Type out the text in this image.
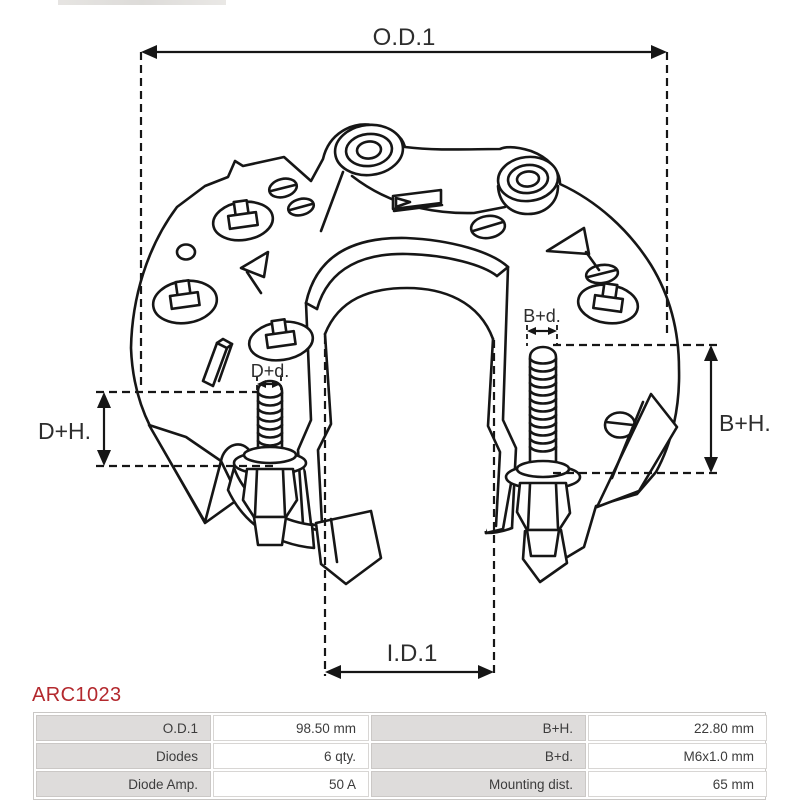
O.D.1
I.D.1
D+H.	B+H.
D+d.
B+d.
ARC1023
O.D.1	98.50 mm	B+H.	22.80 mm
Diodes	6 qty.	B+d.	M6x1.0 mm
Diode Amp.	50 A	Mounting dist.	65 mm
